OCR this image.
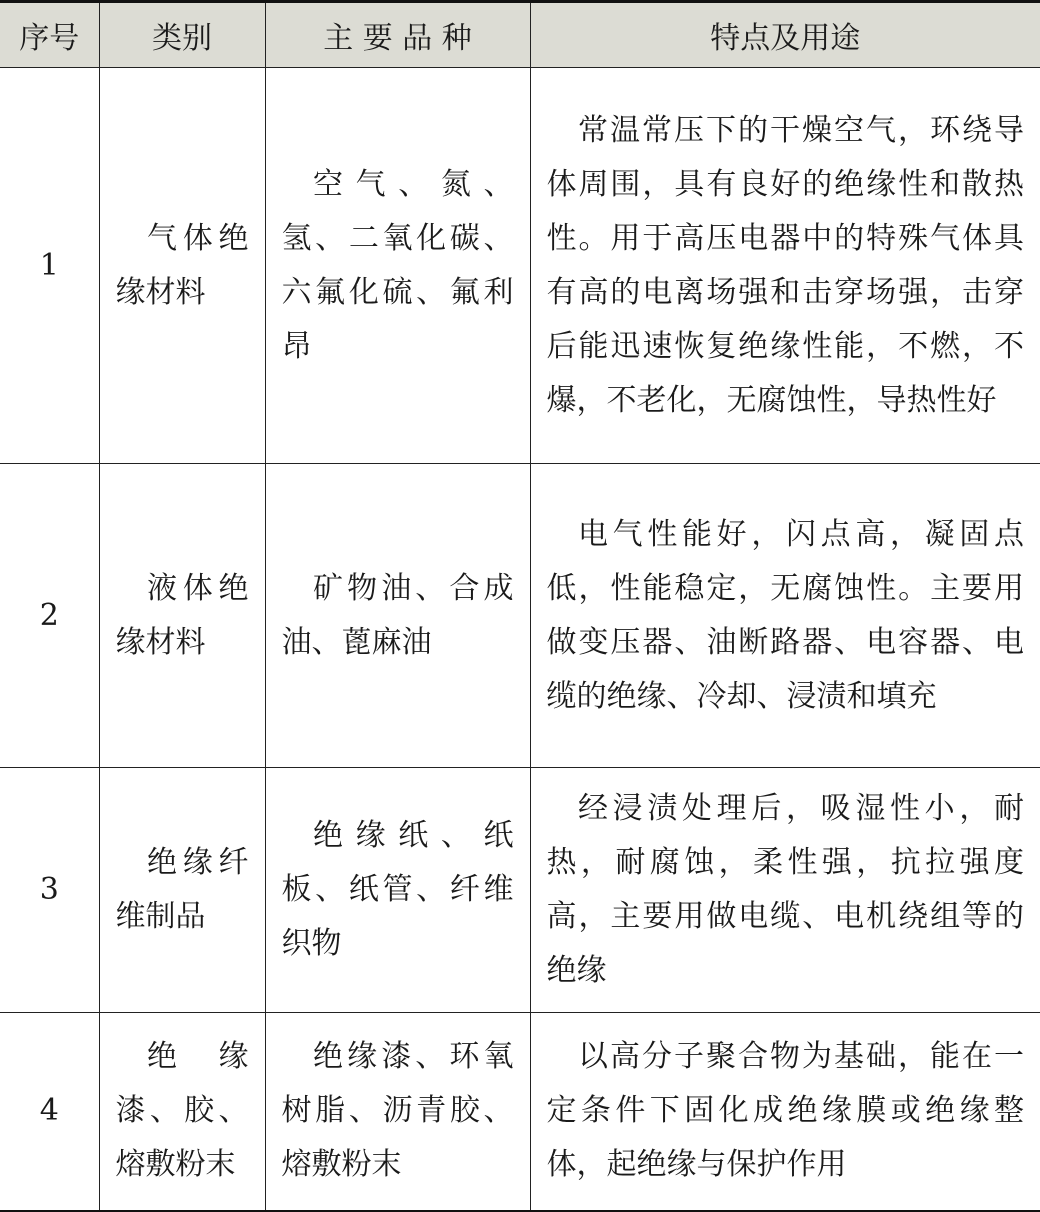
序号	类别	主 要 品 种	特点及用途
1	气体绝缘材料	空气、氮、氢、二氧化碳、六氟化硫、氟利昂	常温常压下的干燥空气，环绕导体周围，具有良好的绝缘性和散热性。用于高压电器中的特殊气体具有高的电离场强和击穿场强，击穿后能迅速恢复绝缘性能，不燃，不爆，不老化，无腐蚀性，导热性好
2	液体绝缘材料	矿物油、合成油、蓖麻油	电气性能好，闪点高，凝固点低，性能稳定，无腐蚀性。主要用做变压器、油断路器、电容器、电缆的绝缘、冷却、浸渍和填充
3	绝缘纤维制品	绝缘纸、纸板、纸管、纤维织物	经浸渍处理后，吸湿性小，耐热，耐腐蚀，柔性强，抗拉强度高，主要用做电缆、电机绕组等的绝缘
4	绝缘漆、胶、熔敷粉末	绝缘漆、环氧树脂、沥青胶、熔敷粉末	以高分子聚合物为基础，能在一定条件下固化成绝缘膜或绝缘整体，起绝缘与保护作用
